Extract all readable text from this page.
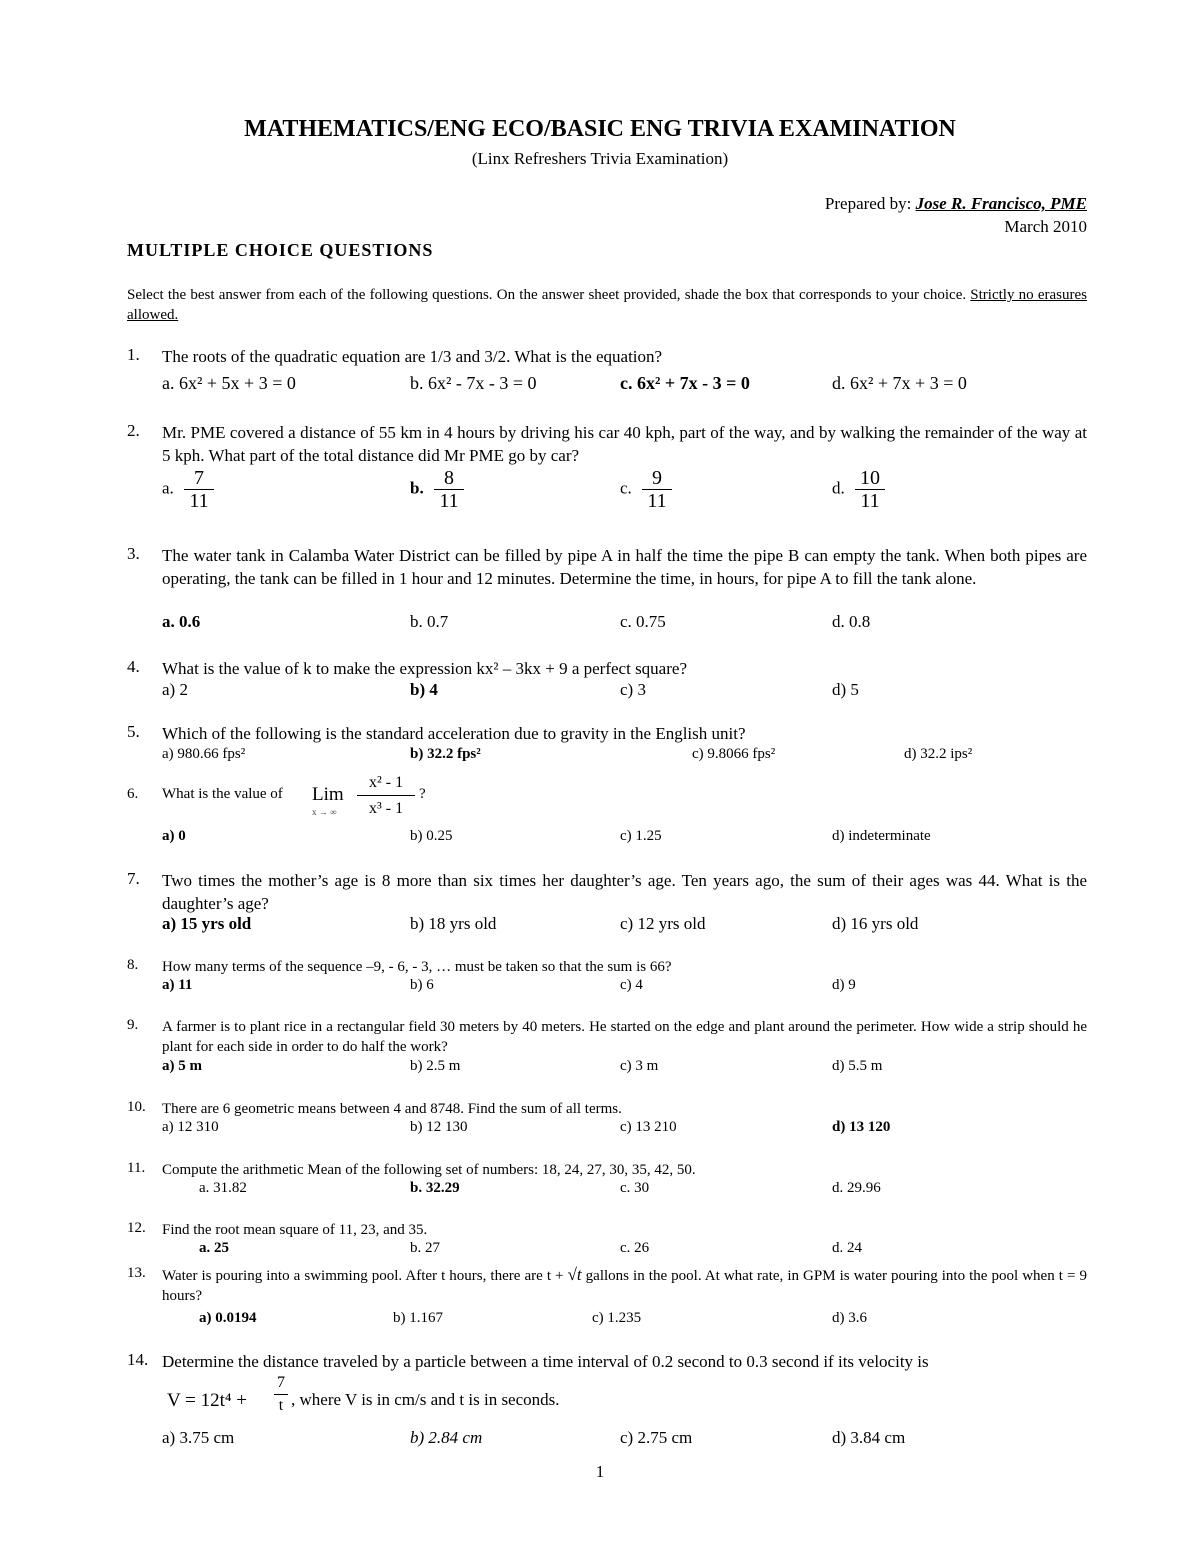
MATHEMATICS/ENG ECO/BASIC ENG TRIVIA EXAMINATION
(Linx Refreshers Trivia Examination)
Prepared by: Jose R. Francisco, PME
March 2010
MULTIPLE CHOICE QUESTIONS
Select the best answer from each of the following questions. On the answer sheet provided, shade the box that corresponds to your choice. Strictly no erasures allowed.
1. The roots of the quadratic equation are 1/3 and 3/2. What is the equation?
a. 6x² + 5x + 3 = 0	b. 6x² - 7x - 3 = 0	c. 6x² + 7x - 3 = 0	d. 6x² + 7x + 3 = 0
2. Mr. PME covered a distance of 55 km in 4 hours by driving his car 40 kph, part of the way, and by walking the remainder of the way at 5 kph. What part of the total distance did Mr PME go by car?
a. $\frac{7}{11}$	b. $\frac{8}{11}$	c. $\frac{9}{11}$	d. $\frac{10}{11}$
3. The water tank in Calamba Water District can be filled by pipe A in half the time the pipe B can empty the tank. When both pipes are operating, the tank can be filled in 1 hour and 12 minutes. Determine the time, in hours, for pipe A to fill the tank alone.
a. 0.6	b. 0.7	c. 0.75	d. 0.8
4. What is the value of k to make the expression kx² – 3kx + 9 a perfect square?
a) 2	b) 4	c) 3	d) 5
5. Which of the following is the standard acceleration due to gravity in the English unit?
a) 980.66 fps²	b) 32.2 fps²	c) 9.8066 fps²	d) 32.2 ips²
6. What is the value of Lim
x → ∞
x² - 1
x³ - 1
?
a) 0	b) 0.25	c) 1.25	d) indeterminate
7. Two times the mother’s age is 8 more than six times her daughter’s age. Ten years ago, the sum of their ages was 44. What is the daughter’s age?
a) 15 yrs old	b) 18 yrs old	c) 12 yrs old	d) 16 yrs old
8. How many terms of the sequence –9, - 6, - 3, … must be taken so that the sum is 66?
a) 11	b) 6	c) 4	d) 9
9. A farmer is to plant rice in a rectangular field 30 meters by 40 meters. He started on the edge and plant around the perimeter. How wide a strip should he plant for each side in order to do half the work?
a) 5 m	b) 2.5 m	c) 3 m	d) 5.5 m
10. There are 6 geometric means between 4 and 8748. Find the sum of all terms.
a) 12 310	b) 12 130	c) 13 210	d) 13 120
11. Compute the arithmetic Mean of the following set of numbers: 18, 24, 27, 30, 35, 42, 50.
a. 31.82	b. 32.29	c. 30	d. 29.96
12. Find the root mean square of 11, 23, and 35.
a. 25	b. 27	c. 26	d. 24
13. Water is pouring into a swimming pool. After t hours, there are t + √t gallons in the pool. At what rate, in GPM is water pouring into the pool when t = 9 hours?
a) 0.0194	b) 1.167	c) 1.235	d) 3.6
14. Determine the distance traveled by a particle between a time interval of 0.2 second to 0.3 second if its velocity is
V = 12t⁴ +
7
t , where V is in cm/s and t is in seconds.
a) 3.75 cm	b) 2.84 cm	c) 2.75 cm	d) 3.84 cm
1
